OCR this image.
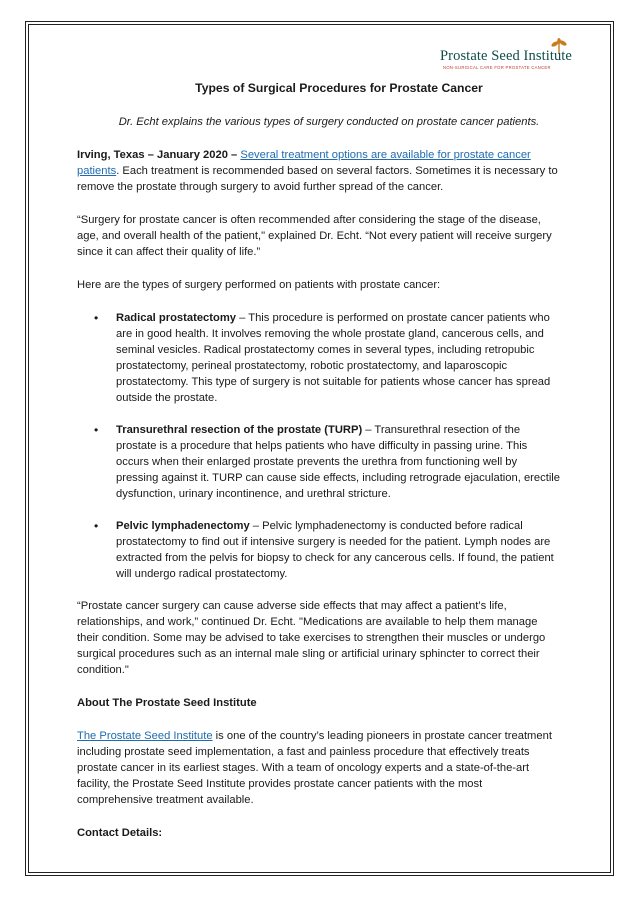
Prostate Seed Institute
NON-SURGICAL CARE FOR PROSTATE CANCER
Types of Surgical Procedures for Prostate Cancer
Dr. Echt explains the various types of surgery conducted on prostate cancer patients.

Irving, Texas – January 2020 – Several treatment options are available for prostate cancer patients. Each treatment is recommended based on several factors. Sometimes it is necessary to remove the prostate through surgery to avoid further spread of the cancer.

“Surgery for prostate cancer is often recommended after considering the stage of the disease, age, and overall health of the patient," explained Dr. Echt. “Not every patient will receive surgery since it can affect their quality of life.”

Here are the types of surgery performed on patients with prostate cancer:

• Radical prostatectomy – This procedure is performed on prostate cancer patients who are in good health. It involves removing the whole prostate gland, cancerous cells, and seminal vesicles. Radical prostatectomy comes in several types, including retropubic prostatectomy, perineal prostatectomy, robotic prostatectomy, and laparoscopic prostatectomy. This type of surgery is not suitable for patients whose cancer has spread outside the prostate.
• Transurethral resection of the prostate (TURP) – Transurethral resection of the prostate is a procedure that helps patients who have difficulty in passing urine. This occurs when their enlarged prostate prevents the urethra from functioning well by pressing against it. TURP can cause side effects, including retrograde ejaculation, erectile dysfunction, urinary incontinence, and urethral stricture.
• Pelvic lymphadenectomy – Pelvic lymphadenectomy is conducted before radical prostatectomy to find out if intensive surgery is needed for the patient. Lymph nodes are extracted from the pelvis for biopsy to check for any cancerous cells. If found, the patient will undergo radical prostatectomy.

“Prostate cancer surgery can cause adverse side effects that may affect a patient’s life, relationships, and work,” continued Dr. Echt. "Medications are available to help them manage their condition. Some may be advised to take exercises to strengthen their muscles or undergo surgical procedures such as an internal male sling or artificial urinary sphincter to correct their condition."

About The Prostate Seed Institute

The Prostate Seed Institute is one of the country’s leading pioneers in prostate cancer treatment including prostate seed implementation, a fast and painless procedure that effectively treats prostate cancer in its earliest stages. With a team of oncology experts and a state-of-the-art facility, the Prostate Seed Institute provides prostate cancer patients with the most comprehensive treatment available.

Contact Details:
